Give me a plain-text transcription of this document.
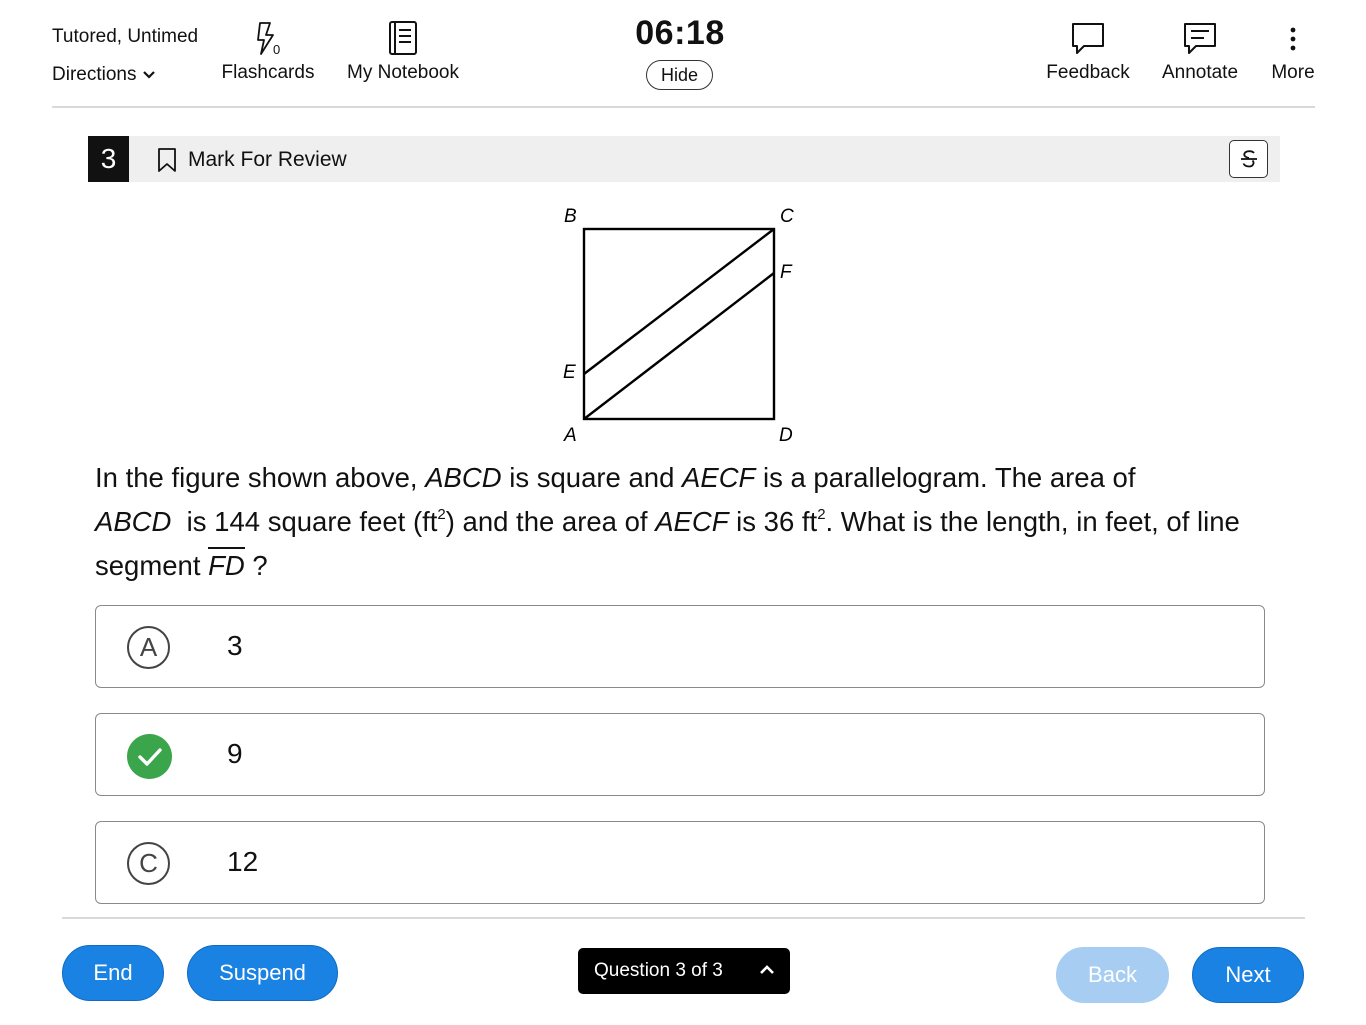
Tutored, Untimed
Directions
0
Flashcards My Notebook
06:18
Hide	Feedback Annotate More
3	Mark For Review
B	C
F
E
A	D
In the figure shown above, ABCD is square and AECF is a parallelogram. The area of
ABCD  is 144 square feet $(ft^2)$ and the area of AECF is 36 $ft^2$. What is the length, in feet, of line segment FD ?
A	3
9
C	12
End	Suspend	Question 3 of 3	Back	Next
